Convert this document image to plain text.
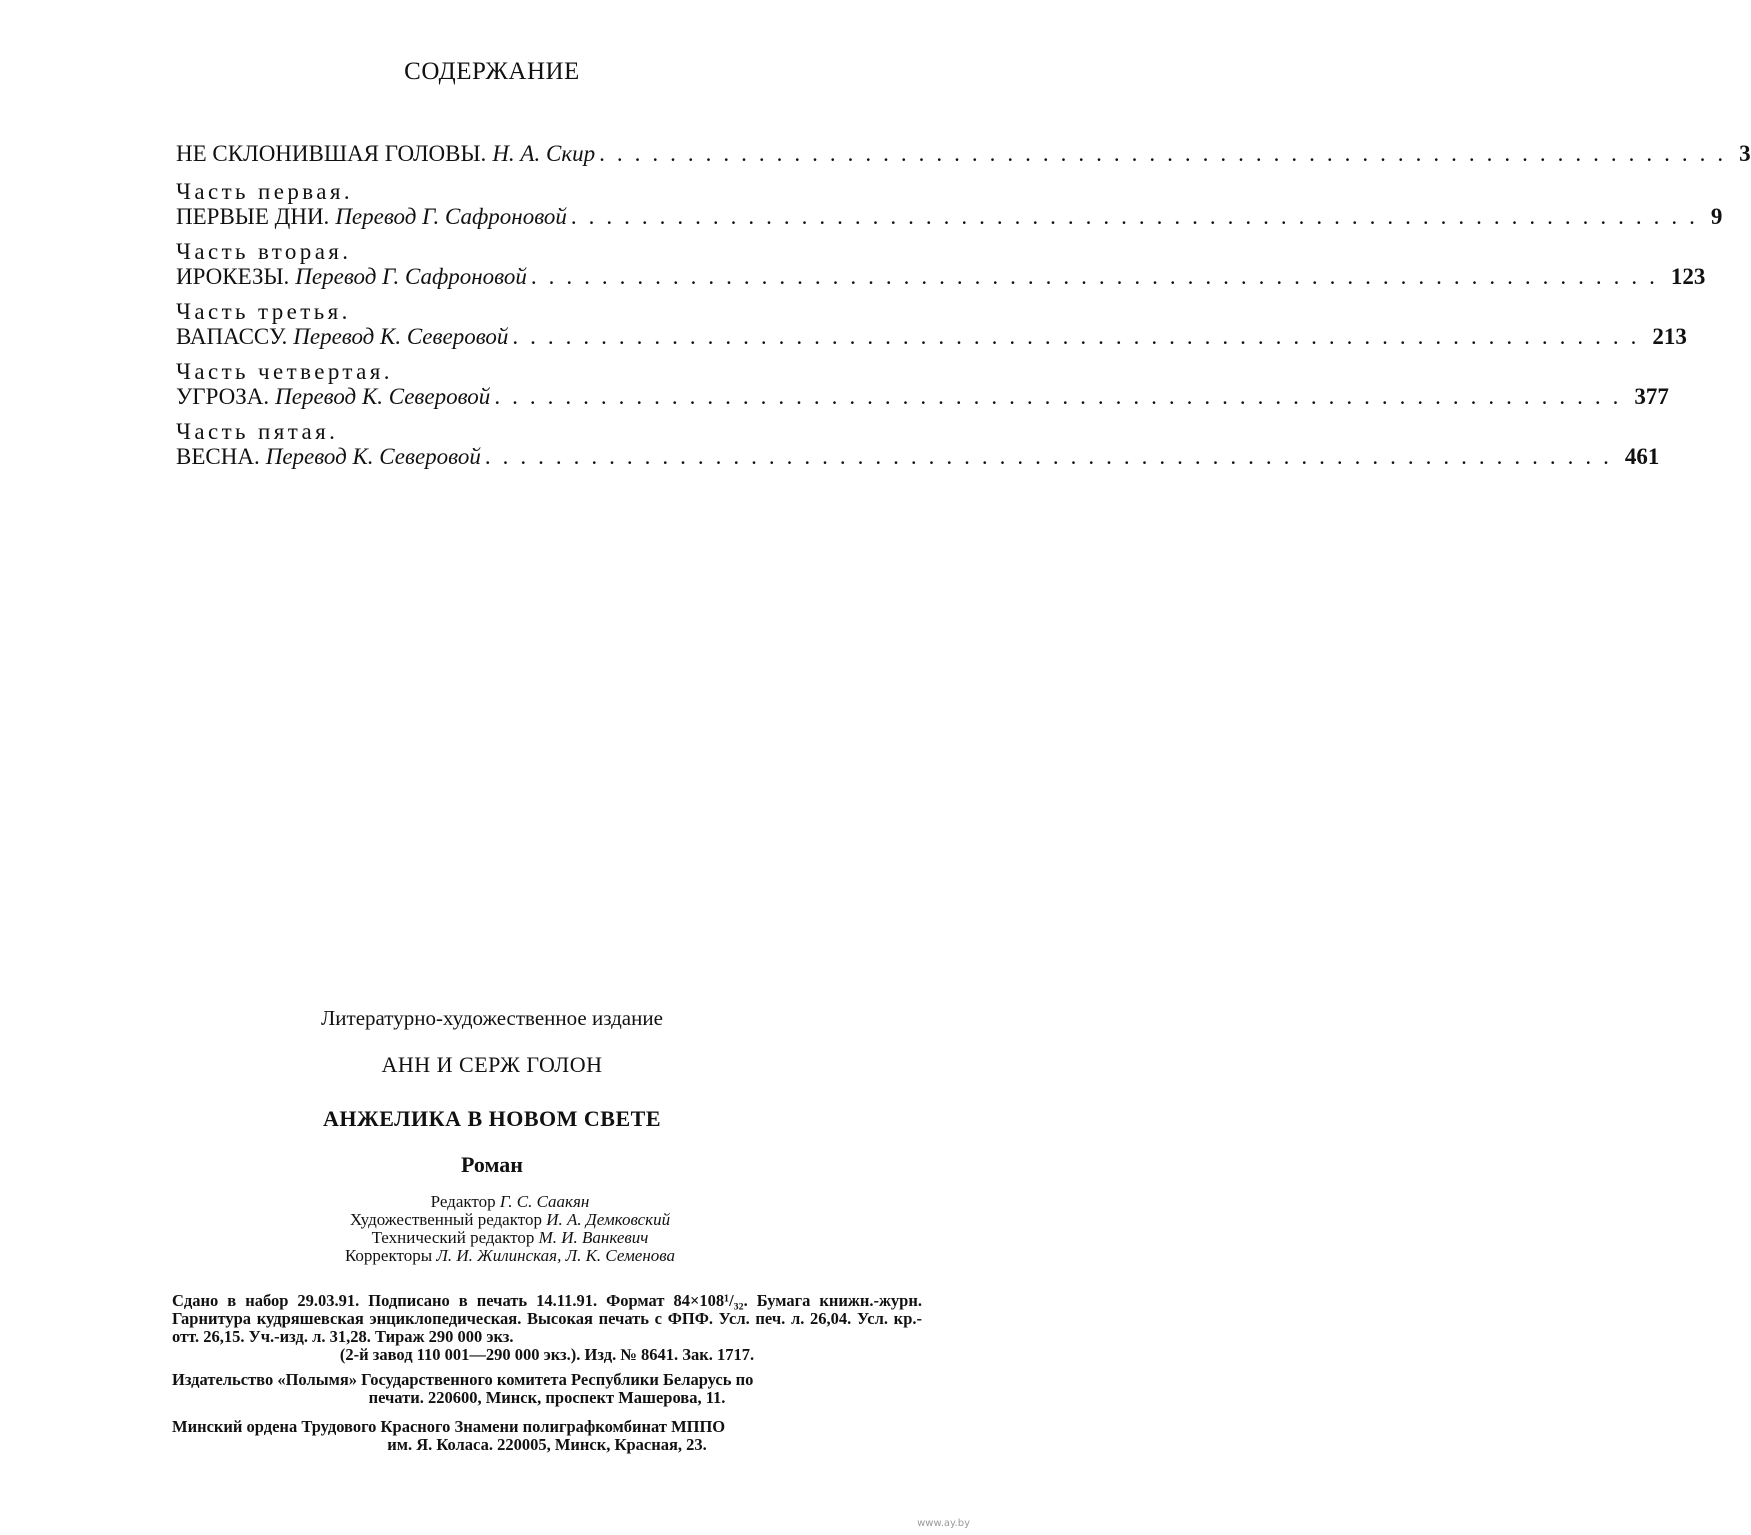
СОДЕРЖАНИЕ
НЕ СКЛОНИВШАЯ ГОЛОВЫ. Н. А. Скир ................................................................ 3
Часть первая.
ПЕРВЫЕ ДНИ. Перевод Г. Сафроновой ................................................................ 9
Часть вторая.
ИРОКЕЗЫ. Перевод Г. Сафроновой ................................................................ 123
Часть третья.
ВАПАССУ. Перевод К. Северовой ................................................................ 213
Часть четвертая.
УГРОЗА. Перевод К. Северовой ................................................................ 377
Часть пятая.
ВЕСНА. Перевод К. Северовой ................................................................ 461
Литературно-художественное издание
АНН И СЕРЖ ГОЛОН
АНЖЕЛИКА В НОВОМ СВЕТЕ
Роман
Редактор Г. С. Саакян
Художественный редактор И. А. Демковский
Технический редактор М. И. Ванкевич
Корректоры Л. И. Жилинская, Л. К. Семенова

Сдано в набор 29.03.91. Подписано в печать 14.11.91. Формат 84×108¹/₃₂. Бумага книжн.-журн. Гарнитура кудряшевская энциклопедическая. Высокая печать с ФПФ. Усл. печ. л. 26,04. Усл. кр.-отт. 26,15. Уч.-изд. л. 31,28. Тираж 290 000 экз.

(2-й завод 110 001—290 000 экз.). Изд. № 8641. Зак. 1717.

Издательство «Полымя» Государственного комитета Республики Беларусь по

печати. 220600, Минск, проспект Машерова, 11.

Минский ордена Трудового Красного Знамени полиграфкомбинат МППО

им. Я. Коласа. 220005, Минск, Красная, 23.

www.ay.by
